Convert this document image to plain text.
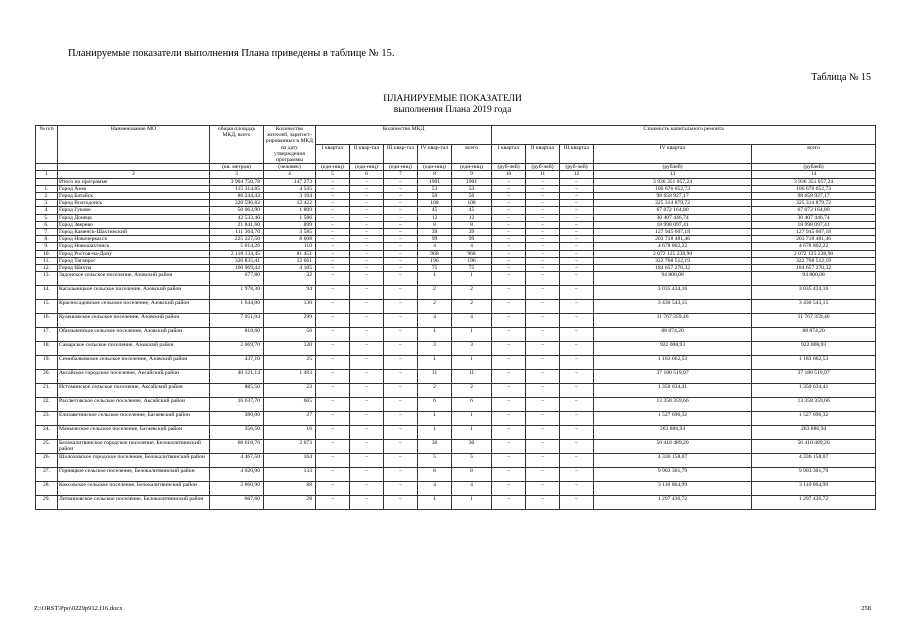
Планируемые показатели выполнения Плана приведены в таблице № 15.
Таблица № 15
ПЛАНИРУЕМЫЕ ПОКАЗАТЕЛИ
выполнения Плана 2019 года
№ п/п	Наименование МО	общая площадь МКД, всего	Количество жителей, зарегист-рированных в МКД на дату утверждения программы	Количество МКД					Стоимость капитального ремонта				
				I квартал	II квар-тал	III квар-тал	IV квар-тал	всего	I квартал	II квартал	III квартал	IV квартал	всего
		(кв. метров)	(человек)	(еди-ниц)	(еди-ниц)	(еди-ниц)	(еди-ниц)	(еди-ниц)	(руб-лей)	(руб-лей)	(руб-лей)	(рублей)	(рублей)
1	2	3	4	5	6	7	8	9	10	11	12	13	14
	Итого по программе	3 904 750,78	147 273	–	–	–	1901	1901	–	–	–	3 936 351 057,24	3 936 351 057,24
1.	Город Азов	115 314,85	4 535	–	–	–	53	53	–	–	–	106 676 652,73	106 676 652,73
2.	Город Батайск	86 244,43	3 194	–	–	–	50	50	–	–	–	98 658 927,17	98 658 927,17
3.	Город Волгодонск	320 596,82	12 422	–	–	–	108	108	–	–	–	325 314 879,72	325 314 879,72
4.	Город Гуково	50 063,90	1 809	–	–	–	45	45	–	–	–	67 072 164,80	67 072 164,80
5.	Город Донецк	42 533,40	1 586	–	–	–	12	12	–	–	–	30 407 446,74	30 407 446,74
6.	Город Зверево	21 841,60	899	–	–	–	8	8	–	–	–	18 998 097,41	18 998 097,41
7.	Город Каменск-Шахтинский	111 364,70	3 585	–	–	–	39	39	–	–	–	127 945 607,18	127 945 607,18
8.	Город Новочеркасск	225 227,50	8 608	–	–	–	99	99	–	–	–	203 718 481,46	203 718 481,46
9.	Город Новошахтинск	5 014,26	110	–	–	–	4	4	–	–	–	4 678 802,22	4 678 802,22
10.	Город Ростов-на-Дону	2 118 134,45	81 451	–	–	–	968	968	–	–	–	2 072 125 238,90	2 072 125 238,90
11.	Город Таганрог	326 835,41	12 661	–	–	–	196	196	–	–	–	322 768 512,19	322 768 512,19
12.	Город Шахты	160 969,44	4 105	–	–	–	75	75	–	–	–	184 657 270,32	184 657 270,32
13.	Задонское сельское поселение, Азовский район	677,80	32	–	–	–	1	1	–	–	–	94 800,08	94 800,08
14.	Кагальницкое сельское поселение, Азовский район	1 978,30	94	–	–	–	2	2	–	–	–	3 035 434,16	3 035 434,16
15.	Красносадовское сельское поселение, Азовский район	1 644,00	130	–	–	–	2	2	–	–	–	3 430 543,15	3 430 543,15
16.	Кулешовское сельское поселение, Азовский район	7 051,04	299	–	–	–	4	4	–	–	–	11 767 359,46	11 767 359,46
17.	Обильненское сельское поселение, Азовский район	818,60	56	–	–	–	1	1	–	–	–	88 874,20	88 874,20
18.	Самарское сельское поселение, Азовский район	2 069,70	120	–	–	–	3	3	–	–	–	922 008,93	922 008,93
19.	Семибалковское сельское поселение, Азовский район	437,10	25	–	–	–	1	1	–	–	–	1 183 662,53	1 183 662,53
20.	Аксайское городское поселение, Аксайский район	40 121,14	1 493	–	–	–	11	11	–	–	–	37 180 519,97	37 180 519,97
21.	Истоминское сельское поселение, Аксайский район	885,50	23	–	–	–	2	2	–	–	–	1 350 634,41	1 350 634,41
22.	Рассветовское сельское поселение, Аксайский район	16 637,70	665	–	–	–	6	6	–	–	–	13 358 359,66	13 358 359,66
23.	Елизаветинское сельское поселение, Багаевский район	380,00	27	–	–	–	1	1	–	–	–	1 527 696,32	1 527 696,32
24.	Маныческое сельское поселение, Багаевский район	356,50	16	–	–	–	1	1	–	–	–	263 886,94	263 886,94
25.	Белокалитвинское городское поселение, Белокалитвинский район	68 618,76	2 673	–	–	–	30	30	–	–	–	56 410 489,20	56 410 489,20
26.	Шолоховское городское поселение, Белокалитвинский район	4 467,50	164	–	–	–	5	5	–	–	–	4 336 158,07	4 336 158,07
27.	Горняцкое сельское поселение, Белокалитвинский район	4 020,90	133	–	–	–	8	8	–	–	–	9 903 301,79	9 903 301,79
28.	Коксовское сельское поселение, Белокалитвинский район	2 860,90	88	–	–	–	4	4	–	–	–	3 110 064,99	3 110 064,99
29.	Литвиновское сельское поселение, Белокалитвинский район	667,60	28	–	–	–	1	1	–	–	–	1 297 436,72	1 297 436,72
Z:\ORST\Ppo\0229p912.f16.docx	258
